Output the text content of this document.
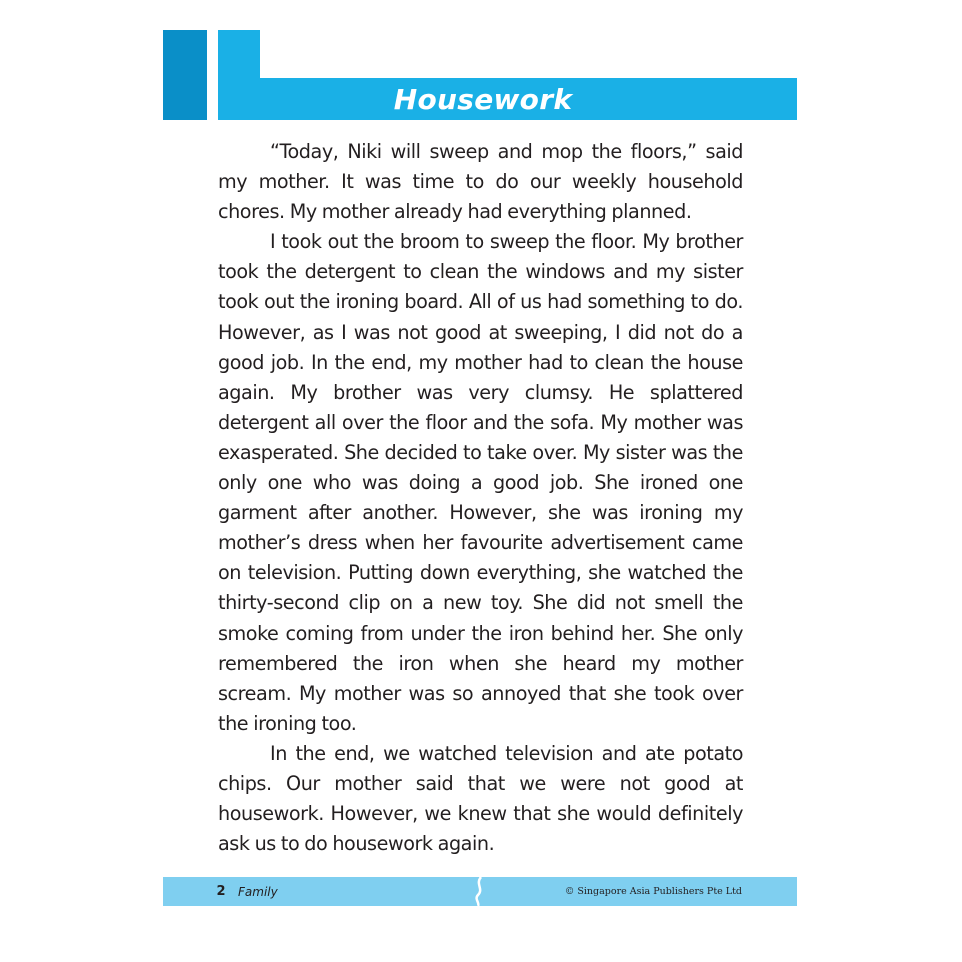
Housework

“Today, Niki will sweep and mop the floors,” said my mother. It was time to do our weekly household chores. My mother already had everything planned.

I took out the broom to sweep the floor. My brother took the detergent to clean the windows and my sister took out the ironing board. All of us had something to do. However, as I was not good at sweeping, I did not do a good job. In the end, my mother had to clean the house again. My brother was very clumsy. He splattered detergent all over the floor and the sofa. My mother was exasperated. She decided to take over. My sister was the only one who was doing a good job. She ironed one garment after another. However, she was ironing my mother’s dress when her favourite advertisement came on television. Putting down everything, she watched the thirty-second clip on a new toy. She did not smell the smoke coming from under the iron behind her. She only remembered the iron when she heard my mother scream. My mother was so annoyed that she took over the ironing too.

In the end, we watched television and ate potato chips. Our mother said that we were not good at housework. However, we knew that she would definitely ask us to do housework again.

2 Family	© Singapore Asia Publishers Pte Ltd
